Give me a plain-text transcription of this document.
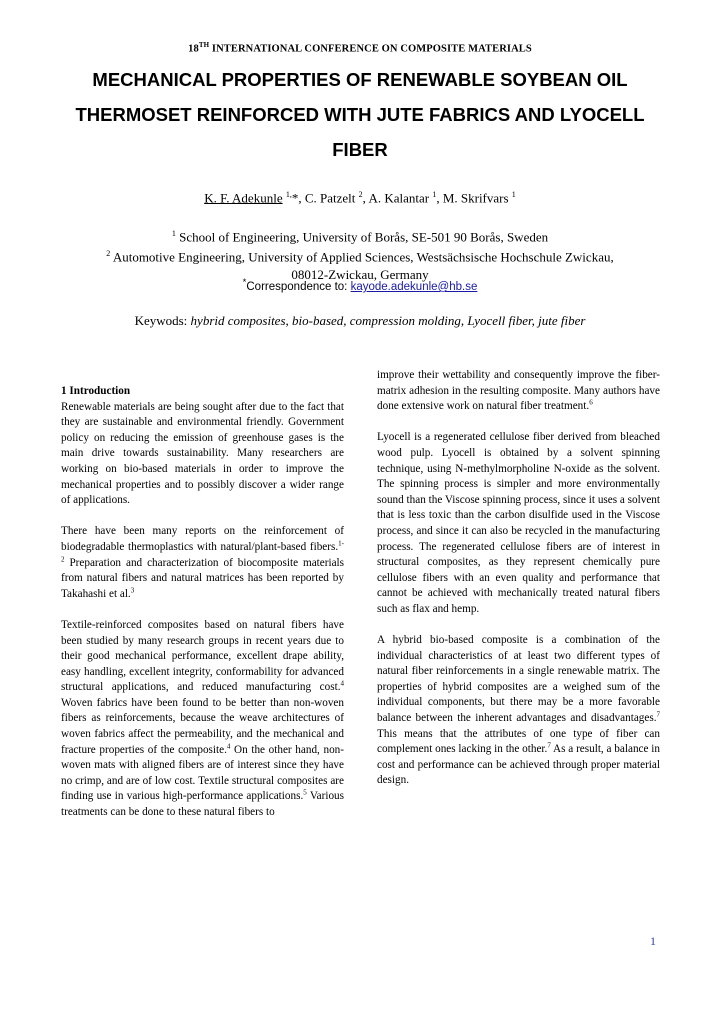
18TH INTERNATIONAL CONFERENCE ON COMPOSITE MATERIALS
MECHANICAL PROPERTIES OF RENEWABLE SOYBEAN OIL
THERMOSET REINFORCED WITH JUTE FABRICS AND LYOCELL
FIBER
K. F. Adekunle $^{1,}$*, C. Patzelt $^2$, A. Kalantar $^1$, M. Skrifvars $^1$
$^1$ School of Engineering, University of Borås, SE-501 90 Borås, Sweden
$^2$ Automotive Engineering, University of Applied Sciences, Westsächsische Hochschule Zwickau,
08012-Zwickau, Germany
*Correspondence to: kayode.adekunle@hb.se
Keywods: hybrid composites, bio-based, compression molding, Lyocell fiber, jute fiber

1 Introduction

Renewable materials are being sought after due to the fact that they are sustainable and environmental friendly. Government policy on reducing the emission of greenhouse gases is the main drive towards sustainability. Many researchers are working on bio-based materials in order to improve the mechanical properties and to possibly discover a wider range of applications.

There have been many reports on the reinforcement of biodegradable thermoplastics with natural/plant-based fibers.$^{1- 2}$ Preparation and characterization of biocomposite materials from natural fibers and natural matrices has been reported by Takahashi et al.$^3$

Textile-reinforced composites based on natural fibers have been studied by many research groups in recent years due to their good mechanical performance, excellent drape ability, easy handling, excellent integrity, conformability for advanced structural applications, and reduced manufacturing cost.$^4$ Woven fabrics have been found to be better than non-woven fibers as reinforcements, because the weave architectures of woven fabrics affect the permeability, and the mechanical and fracture properties of the composite.$^4$ On the other hand, non-woven mats with aligned fibers are of interest since they have no crimp, and are of low cost. Textile structural composites are finding use in various high-performance applications.$^5$ Various treatments can be done to these natural fibers to

improve their wettability and consequently improve the fiber-matrix adhesion in the resulting composite. Many authors have done extensive work on natural fiber treatment.$^6$

Lyocell is a regenerated cellulose fiber derived from bleached wood pulp. Lyocell is obtained by a solvent spinning technique, using N-methylmorpholine N-oxide as the solvent. The spinning process is simpler and more environmentally sound than the Viscose spinning process, since it uses a solvent that is less toxic than the carbon disulfide used in the Viscose process, and since it can also be recycled in the manufacturing process. The regenerated cellulose fibers are of interest in structural composites, as they represent chemically pure cellulose fibers with an even quality and performance that cannot be achieved with mechanically treated natural fibers such as flax and hemp.

A hybrid bio-based composite is a combination of the individual characteristics of at least two different types of natural fiber reinforcements in a single renewable matrix. The properties of hybrid composites are a weighed sum of the individual components, but there may be a more favorable balance between the inherent advantages and disadvantages.$^7$ This means that the attributes of one type of fiber can complement ones lacking in the other.$^7$ As a result, a balance in cost and performance can be achieved through proper material design.

1
